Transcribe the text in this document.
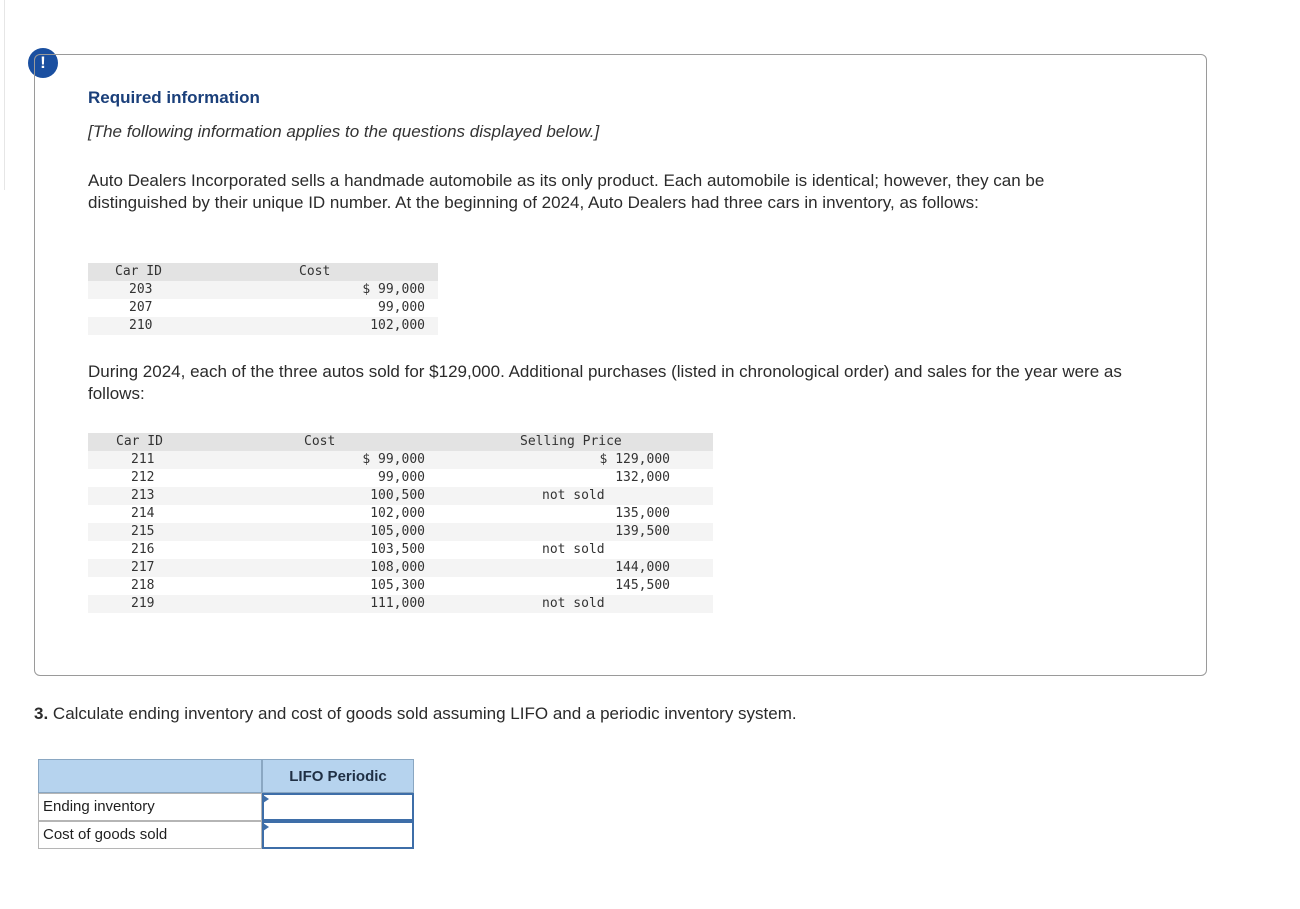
!
Required information
[The following information applies to the questions displayed below.]
Auto Dealers Incorporated sells a handmade automobile as its only product. Each automobile is identical; however, they can be distinguished by their unique ID number. At the beginning of 2024, Auto Dealers had three cars in inventory, as follows:
Car ID	Cost
203	$ 99,000
207	99,000
210	102,000
During 2024, each of the three autos sold for $129,000. Additional purchases (listed in chronological order) and sales for the year were as follows:
Car ID	Cost	Selling Price
211	$ 99,000	$ 129,000
212	99,000	132,000
213	100,500	not sold
214	102,000	135,000
215	105,000	139,500
216	103,500	not sold
217	108,000	144,000
218	105,300	145,500
219	111,000	not sold
3. Calculate ending inventory and cost of goods sold assuming LIFO and a periodic inventory system.
LIFO Periodic
Ending inventory
Cost of goods sold
